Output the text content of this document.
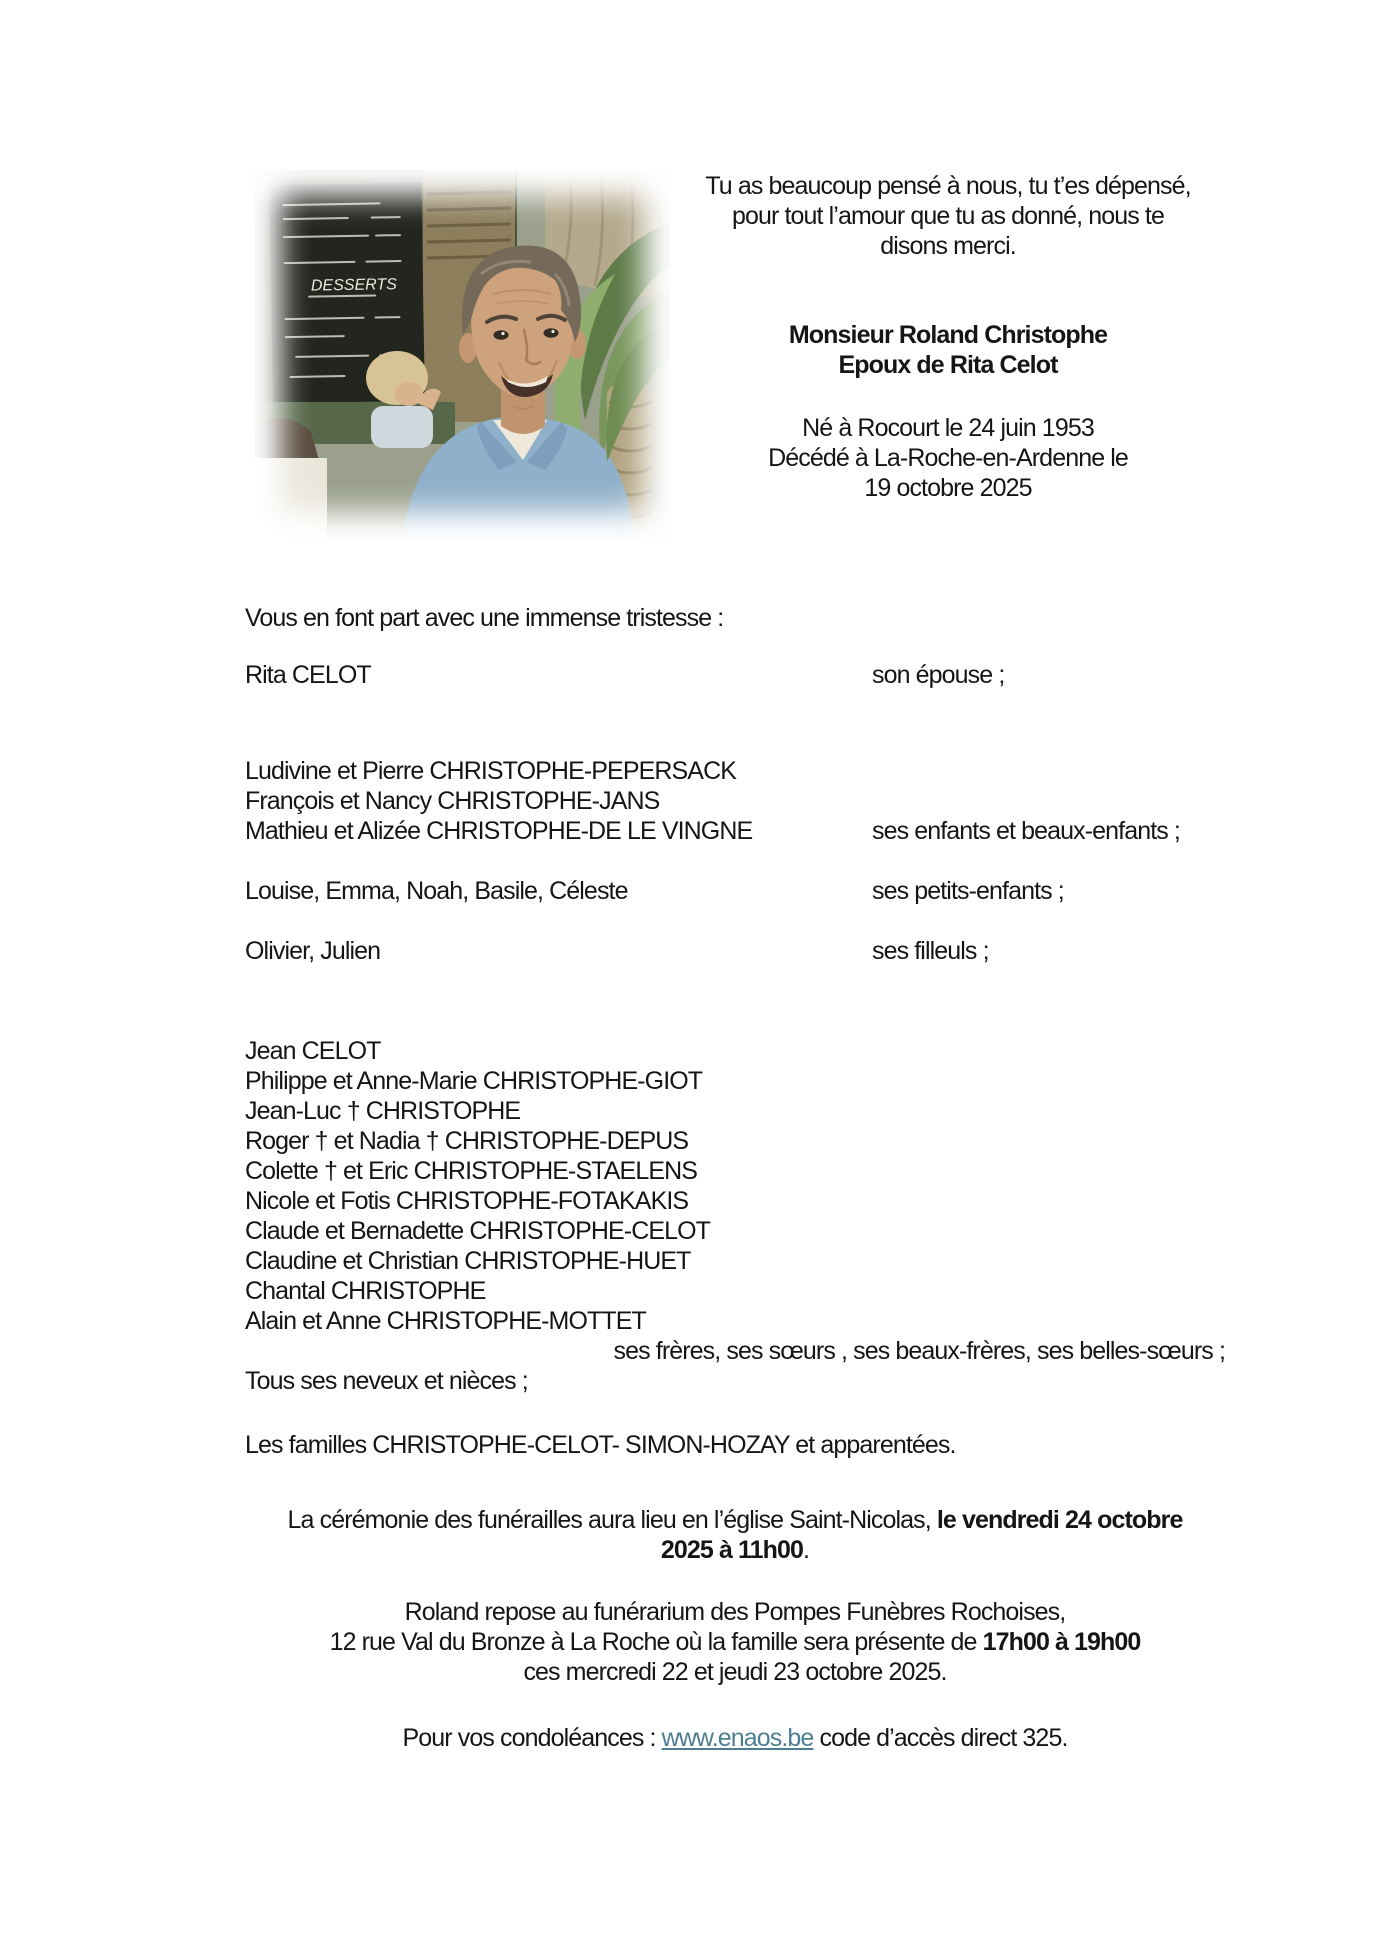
DESSERTS
Tu as beaucoup pensé à nous, tu t’es dépensé,
pour tout l’amour que tu as donné, nous te
disons merci.
Monsieur Roland Christophe
Epoux de Rita Celot
Né à Rocourt le 24 juin 1953
Décédé à La-Roche-en-Ardenne le
19 octobre 2025
Vous en font part avec une immense tristesse :
Rita CELOT	son épouse ;
Ludivine et Pierre CHRISTOPHE-PEPERSACK
François et Nancy CHRISTOPHE-JANS
Mathieu et Alizée CHRISTOPHE-DE LE VINGNE	ses enfants et beaux-enfants ;
Louise, Emma, Noah, Basile, Céleste	ses petits-enfants ;
Olivier, Julien	ses filleuls ;
Jean CELOT
Philippe et Anne-Marie CHRISTOPHE-GIOT
Jean-Luc † CHRISTOPHE
Roger † et Nadia † CHRISTOPHE-DEPUS
Colette † et Eric CHRISTOPHE-STAELENS
Nicole et Fotis CHRISTOPHE-FOTAKAKIS
Claude et Bernadette CHRISTOPHE-CELOT
Claudine et Christian CHRISTOPHE-HUET
Chantal CHRISTOPHE
Alain et Anne CHRISTOPHE-MOTTET
ses frères, ses sœurs , ses beaux-frères, ses belles-sœurs ;
Tous ses neveux et nièces ;
Les familles CHRISTOPHE-CELOT- SIMON-HOZAY et apparentées.
La cérémonie des funérailles aura lieu en l’église Saint-Nicolas, le vendredi 24 octobre
2025 à 11h00.
Roland repose au funérarium des Pompes Funèbres Rochoises,
12 rue Val du Bronze à La Roche où la famille sera présente de 17h00 à 19h00
ces mercredi 22 et jeudi 23 octobre 2025.
Pour vos condoléances : www.enaos.be code d’accès direct 325.
